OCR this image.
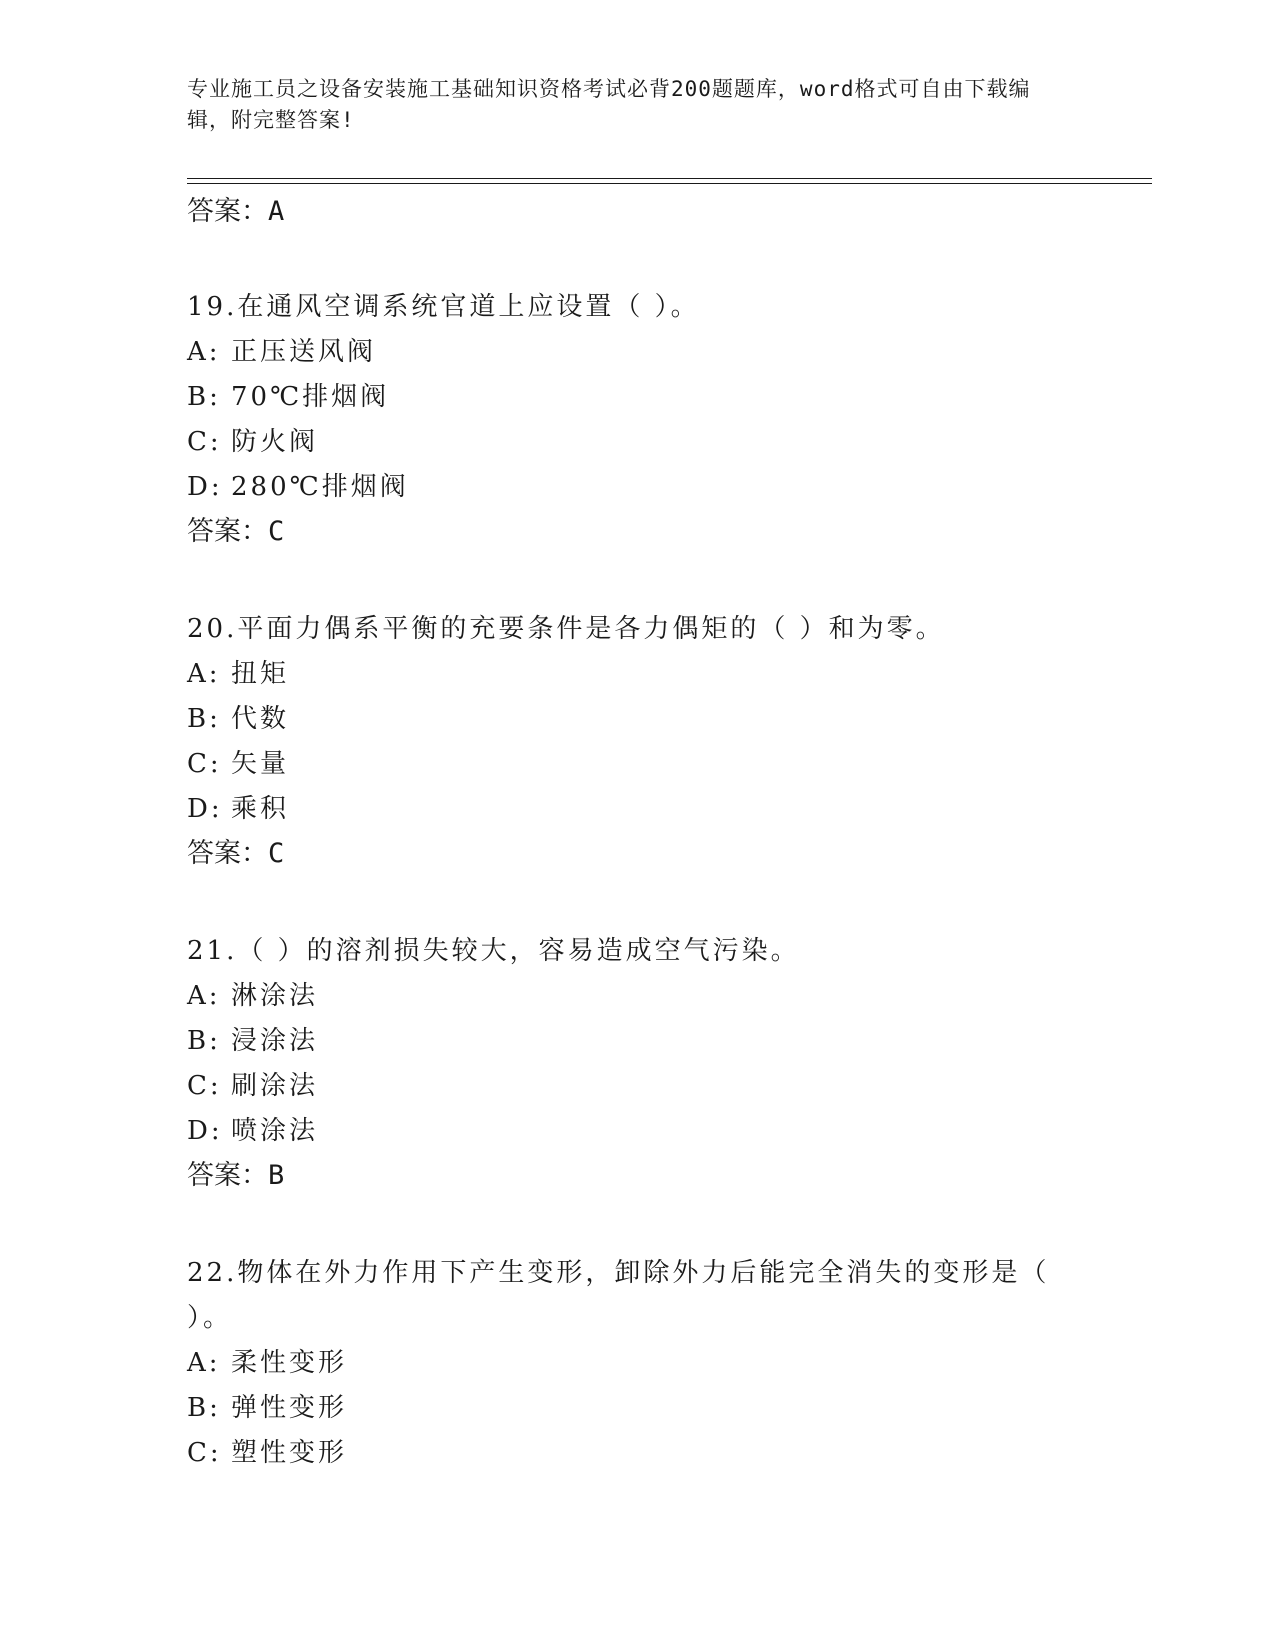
专业施工员之设备安装施工基础知识资格考试必背200题题库，word格式可自由下载编辑，附完整答案!
答案：A
19.在通风空调系统官道上应设置（ ）。
A: 正压送风阀
B: 70℃排烟阀
C: 防火阀
D: 280℃排烟阀
答案：C
20.平面力偶系平衡的充要条件是各力偶矩的（ ）和为零。
A: 扭矩
B: 代数
C: 矢量
D: 乘积
答案：C
21.（ ）的溶剂损失较大，容易造成空气污染。
A: 淋涂法
B: 浸涂法
C: 刷涂法
D: 喷涂法
答案：B
22.物体在外力作用下产生变形，卸除外力后能完全消失的变形是（ ）。
A: 柔性变形
B: 弹性变形
C: 塑性变形
